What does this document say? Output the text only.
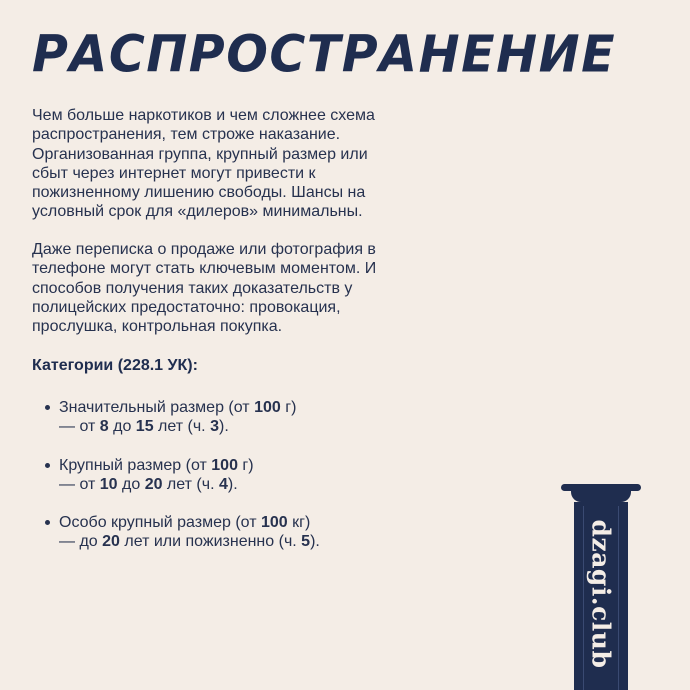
РАСПРОСТРАНЕНИЕ

Чем больше наркотиков и чем сложнее схема
распространения, тем строже наказание.
Организованная группа, крупный размер или
сбыт через интернет могут привести к
пожизненному лишению свободы. Шансы на
условный срок для «дилеров» минимальны.

Даже переписка о продаже или фотография в
телефоне могут стать ключевым моментом. И
способов получения таких доказательств у
полицейских предостаточно: провокация,
прослушка, контрольная покупка.

Категории (228.1 УК):
Значительный размер (от 100 г)
— от 8 до 15 лет (ч. 3).
Крупный размер (от 100 г)
— от 10 до 20 лет (ч. 4).
Особо крупный размер (от 100 кг)
— до 20 лет или пожизненно (ч. 5).	dzagi.club
